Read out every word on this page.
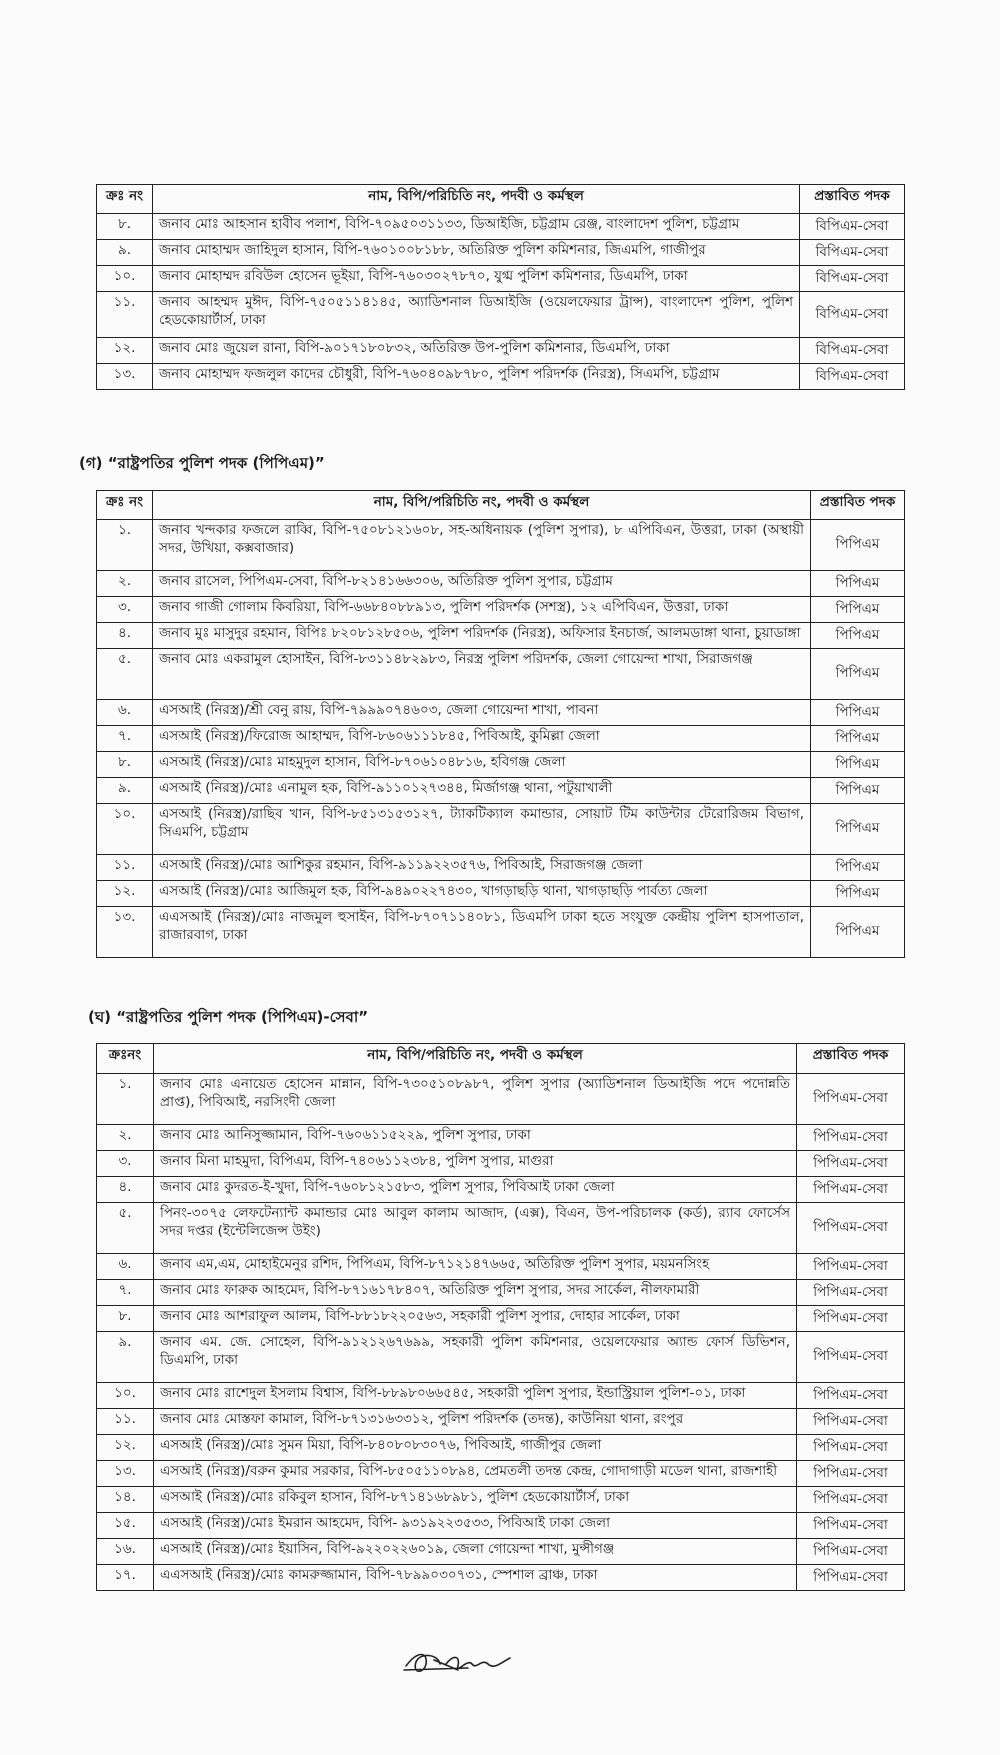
ক্রঃ নং	নাম, বিপি/পরিচিতি নং, পদবী ও কর্মস্থল	প্রস্তাবিত পদক
৮.	জনাব মোঃ আহসান হাবীব পলাশ, বিপি-৭০৯৫০৩১১৩৩, ডিআইজি, চট্টগ্রাম রেঞ্জ, বাংলাদেশ পুলিশ, চট্টগ্রাম	বিপিএম-সেবা
৯.	জনাব মোহাম্মদ জাহিদুল হাসান, বিপি-৭৬০১০০৮১৮৮, অতিরিক্ত পুলিশ কমিশনার, জিএমপি, গাজীপুর	বিপিএম-সেবা
১০.	জনাব মোহাম্মদ রবিউল হোসেন ভূইয়া, বিপি-৭৬০৩০২৭৮৭০, যুগ্ম পুলিশ কমিশনার, ডিএমপি, ঢাকা	বিপিএম-সেবা
১১.	জনাব আহম্মদ মুঈদ, বিপি-৭৫০৫১১৪১৪৫, অ্যাডিশনাল ডিআইজি (ওয়েলফেয়ার ট্রান্স), বাংলাদেশ পুলিশ, পুলিশ হেডকোয়ার্টার্স, ঢাকা	বিপিএম-সেবা
১২.	জনাব মোঃ জুয়েল রানা, বিপি-৯০১৭১৮০৮৩২, অতিরিক্ত উপ-পুলিশ কমিশনার, ডিএমপি, ঢাকা	বিপিএম-সেবা
১৩.	জনাব মোহাম্মদ ফজলুল কাদের চৌধুরী, বিপি-৭৬০৪০৯৮৭৮০, পুলিশ পরিদর্শক (নিরস্ত্র), সিএমপি, চট্টগ্রাম	বিপিএম-সেবা
(গ) “রাষ্ট্রপতির পুলিশ পদক (পিপিএম)”
ক্রঃ নং	নাম, বিপি/পরিচিতি নং, পদবী ও কর্মস্থল	প্রস্তাবিত পদক
১.	জনাব খন্দকার ফজলে রাব্বি, বিপি-৭৫০৮১২১৬০৮, সহ-অধিনায়ক (পুলিশ সুপার), ৮ এপিবিএন, উত্তরা, ঢাকা (অস্থায়ী সদর, উখিয়া, কক্সবাজার)	পিপিএম
২.	জনাব রাসেল, পিপিএম-সেবা, বিপি-৮২১৪১৬৬৩০৬, অতিরিক্ত পুলিশ সুপার, চট্টগ্রাম	পিপিএম
৩.	জনাব গাজী গোলাম কিবরিয়া, বিপি-৬৬৮৪০৮৮৯১৩, পুলিশ পরিদর্শক (সশস্ত্র), ১২ এপিবিএন, উত্তরা, ঢাকা	পিপিএম
৪.	জনাব মুঃ মাসুদুর রহমান, বিপিঃ ৮২০৮১২৮৫০৬, পুলিশ পরিদর্শক (নিরস্ত্র), অফিসার ইনচার্জ, আলমডাঙ্গা থানা, চুয়াডাঙ্গা	পিপিএম
৫.	জনাব মোঃ একরামুল হোসাইন, বিপি-৮৩১১৪৮২৯৮৩, নিরস্ত্র পুলিশ পরিদর্শক, জেলা গোয়েন্দা শাখা, সিরাজগঞ্জ	পিপিএম
৬.	এসআই (নিরস্ত্র)/শ্রী বেনু রায়, বিপি-৭৯৯৯০৭৪৬০৩, জেলা গোয়েন্দা শাখা, পাবনা	পিপিএম
৭.	এসআই (নিরস্ত্র)/ফিরোজ আহাম্মদ, বিপি-৮৬০৬১১১৮৪৫, পিবিআই, কুমিল্লা জেলা	পিপিএম
৮.	এসআই (নিরস্ত্র)/মোঃ মাহমুদুল হাসান, বিপি-৮৭০৬১০৪৮১৬, হবিগঞ্জ জেলা	পিপিএম
৯.	এসআই (নিরস্ত্র)/মোঃ এনামুল হক, বিপি-৯১১০১২৭৩৪৪, মির্জাগঞ্জ থানা, পটুয়াখালী	পিপিএম
১০.	এসআই (নিরস্ত্র)/রাছিব খান, বিপি-৮৫১৩১৫৩১২৭, ট্যাকটিক্যাল কমান্ডার, সোয়াট টিম কাউন্টার টেরোরিজম বিভাগ, সিএমপি, চট্টগ্রাম	পিপিএম
১১.	এসআই (নিরস্ত্র)/মোঃ আশিকুর রহমান, বিপি-৯১১৯২২৩৫৭৬, পিবিআই, সিরাজগঞ্জ জেলা	পিপিএম
১২.	এসআই (নিরস্ত্র)/মোঃ আজিমুল হক, বিপি-৯৪৯০২২৭৪৩০, খাগড়াছড়ি থানা, খাগড়াছড়ি পার্বত্য জেলা	পিপিএম
১৩.	এএসআই (নিরস্ত্র)/মোঃ নাজমুল হুসাইন, বিপি-৮৭০৭১১৪০৮১, ডিএমপি ঢাকা হতে সংযুক্ত কেন্দ্রীয় পুলিশ হাসপাতাল, রাজারবাগ, ঢাকা	পিপিএম
(ঘ) “রাষ্ট্রপতির পুলিশ পদক (পিপিএম)-সেবা”
ক্রঃনং	নাম, বিপি/পরিচিতি নং, পদবী ও কর্মস্থল	প্রস্তাবিত পদক
১.	জনাব মোঃ এনায়েত হোসেন মান্নান, বিপি-৭৩০৫১০৮৯৮৭, পুলিশ সুপার (অ্যাডিশনাল ডিআইজি পদে পদোন্নতি প্রাপ্ত), পিবিআই, নরসিংদী জেলা	পিপিএম-সেবা
২.	জনাব মোঃ আনিসুজ্জামান, বিপি-৭৬০৬১১৫২২৯, পুলিশ সুপার, ঢাকা	পিপিএম-সেবা
৩.	জনাব মিনা মাহমুদা, বিপিএম, বিপি-৭৪০৬১১২৩৮৪, পুলিশ সুপার, মাগুরা	পিপিএম-সেবা
৪.	জনাব মোঃ কুদরত-ই-খুদা, বিপি-৭৬০৮১২১৫৮৩, পুলিশ সুপার, পিবিআই ঢাকা জেলা	পিপিএম-সেবা
৫.	পিনং-৩০৭৫ লেফটেন্যান্ট কমান্ডার মোঃ আবুল কালাম আজাদ, (এক্স), বিএন, উপ-পরিচালক (কর্ড), র‍্যাব ফোর্সেস সদর দপ্তর (ইন্টেলিজেন্স উইং)	পিপিএম-সেবা
৬.	জনাব এম,এম, মোহাইমেনুর রশিদ, পিপিএম, বিপি-৮৭১২১৪৭৬৬৫, অতিরিক্ত পুলিশ সুপার, ময়মনসিংহ	পিপিএম-সেবা
৭.	জনাব মোঃ ফারুক আহমেদ, বিপি-৮৭১৬১৭৮৪০৭, অতিরিক্ত পুলিশ সুপার, সদর সার্কেল, নীলফামারী	পিপিএম-সেবা
৮.	জনাব মোঃ আশরাফুল আলম, বিপি-৮৮১৮২২০৫৬৩, সহকারী পুলিশ সুপার, দোহার সার্কেল, ঢাকা	পিপিএম-সেবা
৯.	জনাব এম. জে. সোহেল, বিপি-৯১২১২৬৭৬৯৯, সহকারী পুলিশ কমিশনার, ওয়েলফেয়ার অ্যান্ড ফোর্স ডিভিশন, ডিএমপি, ঢাকা	পিপিএম-সেবা
১০.	জনাব মোঃ রাশেদুল ইসলাম বিশ্বাস, বিপি-৮৮৯৮০৬৬৫৪৫, সহকারী পুলিশ সুপার, ইন্ডাস্ট্রিয়াল পুলিশ-০১, ঢাকা	পিপিএম-সেবা
১১.	জনাব মোঃ মোস্তফা কামাল, বিপি-৮৭১৩১৬৩৩১২, পুলিশ পরিদর্শক (তদন্ত), কাউনিয়া থানা, রংপুর	পিপিএম-সেবা
১২.	এসআই (নিরস্ত্র)/মোঃ সুমন মিয়া, বিপি-৮৪০৮০৮৩০৭৬, পিবিআই, গাজীপুর জেলা	পিপিএম-সেবা
১৩.	এসআই (নিরস্ত্র)/বরুন কুমার সরকার, বিপি-৮৫০৫১১০৮৯৪, প্রেমতলী তদন্ত কেন্দ্র, গোদাগাড়ী মডেল থানা, রাজশাহী	পিপিএম-সেবা
১৪.	এসআই (নিরস্ত্র)/মোঃ রকিবুল হাসান, বিপি-৮৭১৪১৬৮৯৮১, পুলিশ হেডকোয়ার্টার্স, ঢাকা	পিপিএম-সেবা
১৫.	এসআই (নিরস্ত্র)/মোঃ ইমরান আহমেদ, বিপি- ৯৩১৯২২৩৫৩৩, পিবিআই ঢাকা জেলা	পিপিএম-সেবা
১৬.	এসআই (নিরস্ত্র)/মোঃ ইয়াসিন, বিপি-৯২২০২২৬০১৯, জেলা গোয়েন্দা শাখা, মুন্সীগঞ্জ	পিপিএম-সেবা
১৭.	এএসআই (নিরস্ত্র)/মোঃ কামরুজ্জামান, বিপি-৭৮৯৯০৩০৭৩১, স্পেশাল ব্রাঞ্চ, ঢাকা	পিপিএম-সেবা
